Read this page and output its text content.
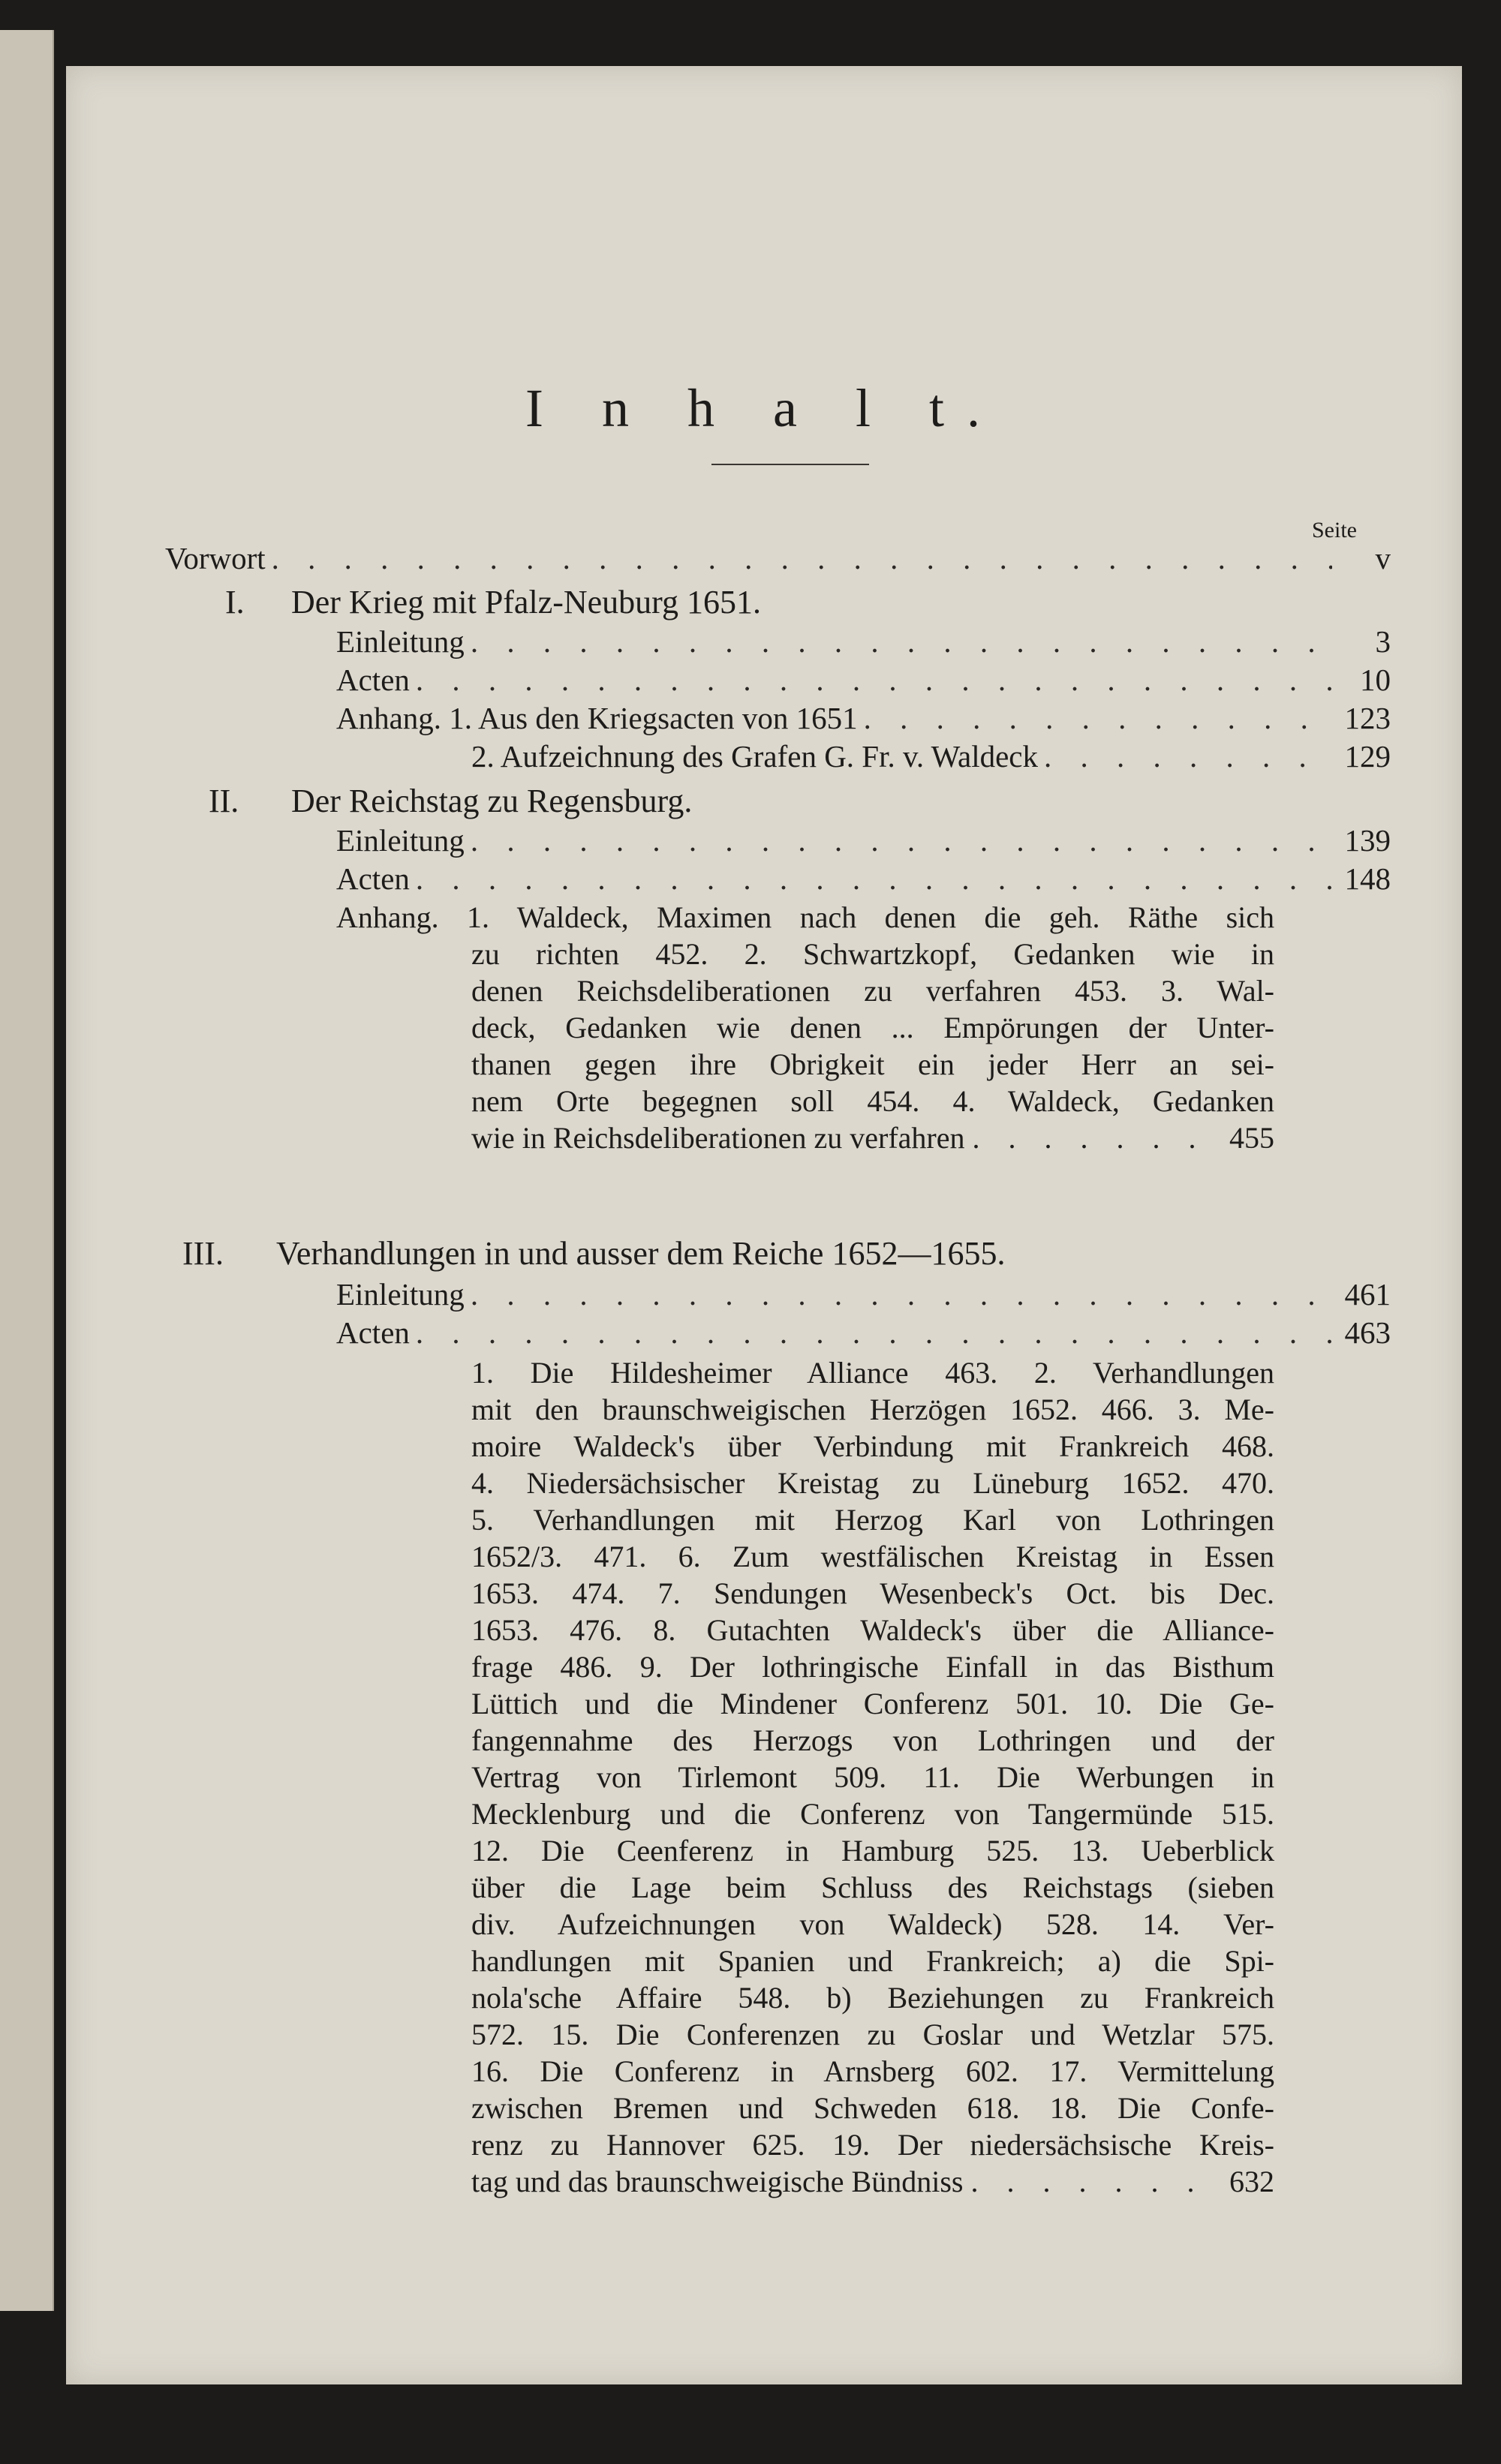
I n h a l t.
Seite
Vorwort . . .	v
I. Der Krieg mit Pfalz-Neuburg 1651.
Einleitung . . .	3
Acten . . .	10
Anhang. 1. Aus den Kriegsacten von 1651 . . .	123
2. Aufzeichnung des Grafen G. Fr. v. Waldeck . . .	129
II. Der Reichstag zu Regensburg.
Einleitung . . .	139
Acten . . .	148
Anhang. 1. Waldeck, Maximen nach denen die geh. Räthe sich
zu richten 452. 2. Schwartzkopf, Gedanken wie in
denen Reichsdeliberationen zu verfahren 453. 3. Wal-
deck, Gedanken wie denen ... Empörungen der Unter-
thanen gegen ihre Obrigkeit ein jeder Herr an sei-
nem Orte begegnen soll 454. 4. Waldeck, Gedanken
wie in Reichsdeliberationen zu verfahren . . .	455
III. Verhandlungen in und ausser dem Reiche 1652—1655.
Einleitung . . .	461
Acten . . .	463
1. Die Hildesheimer Alliance 463. 2. Verhandlungen
mit den braunschweigischen Herzögen 1652. 466. 3. Me-
moire Waldeck's über Verbindung mit Frankreich 468.
4. Niedersächsischer Kreistag zu Lüneburg 1652. 470.
5. Verhandlungen mit Herzog Karl von Lothringen
1652/3. 471. 6. Zum westfälischen Kreistag in Essen
1653. 474. 7. Sendungen Wesenbeck's Oct. bis Dec.
1653. 476. 8. Gutachten Waldeck's über die Alliance-
frage 486. 9. Der lothringische Einfall in das Bisthum
Lüttich und die Mindener Conferenz 501. 10. Die Ge-
fangennahme des Herzogs von Lothringen und der
Vertrag von Tirlemont 509. 11. Die Werbungen in
Mecklenburg und die Conferenz von Tangermünde 515.
12. Die Ceenferenz in Hamburg 525. 13. Ueberblick
über die Lage beim Schluss des Reichstags (sieben
div. Aufzeichnungen von Waldeck) 528. 14. Ver-
handlungen mit Spanien und Frankreich; a) die Spi-
nola'sche Affaire 548. b) Beziehungen zu Frankreich
572. 15. Die Conferenzen zu Goslar und Wetzlar 575.
16. Die Conferenz in Arnsberg 602. 17. Vermittelung
zwischen Bremen und Schweden 618. 18. Die Confe-
renz zu Hannover 625. 19. Der niedersächsische Kreis-
tag und das braunschweigische Bündniss . . .	632
